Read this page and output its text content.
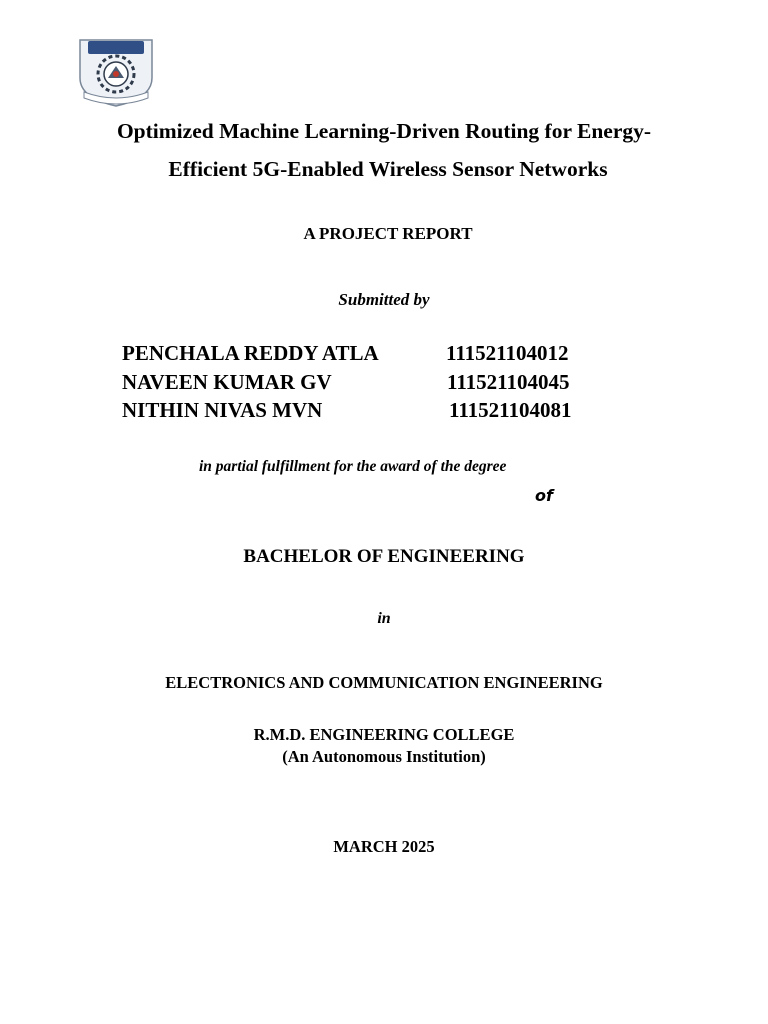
Optimized Machine Learning-Driven Routing for Energy-
Efficient 5G-Enabled Wireless Sensor Networks
A PROJECT REPORT
Submitted by
PENCHALA REDDY ATLA	111521104012
NAVEEN KUMAR GV	111521104045
NITHIN NIVAS MVN	111521104081
in partial fulfillment for the award of the degree
of
BACHELOR OF ENGINEERING
in
ELECTRONICS AND COMMUNICATION ENGINEERING
R.M.D. ENGINEERING COLLEGE
(An Autonomous Institution)
MARCH 2025
